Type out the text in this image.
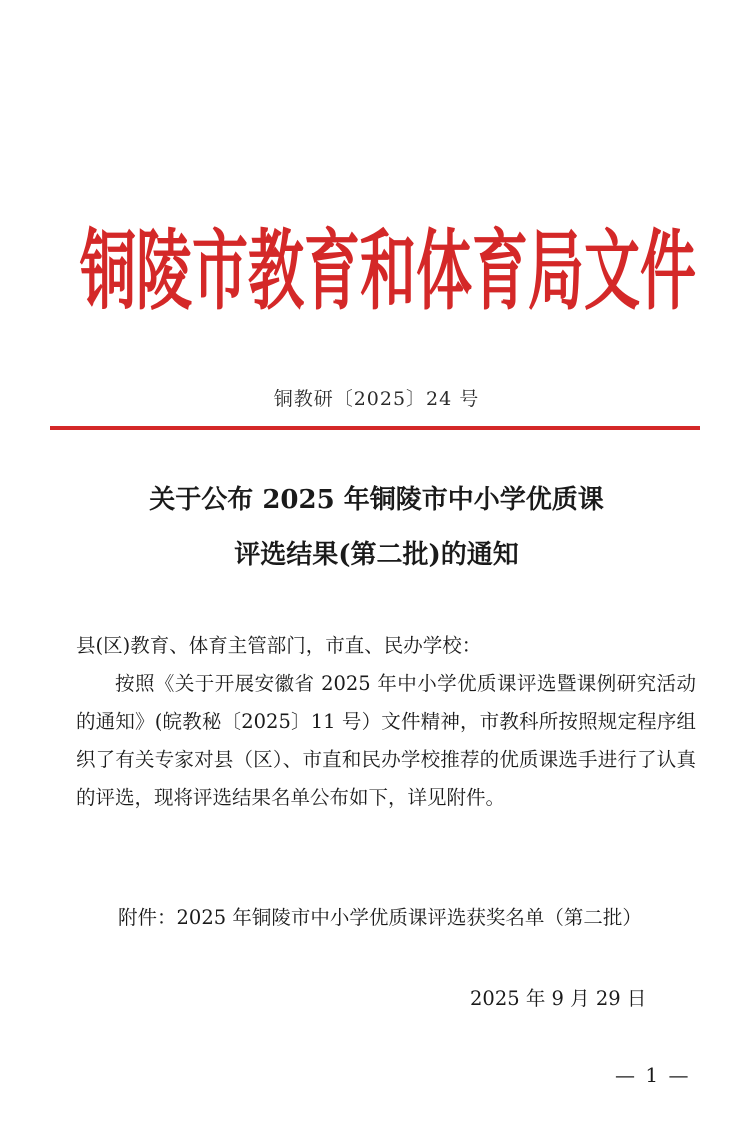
铜 陵 市 教 育 和 体 育 局 文 件
铜教研〔2025〕24 号
关于公布 2025 年铜陵市中小学优质课
评选结果(第二批)的通知
县(区)教育、体育主管部门，市直、民办学校：
按照《关于开展安徽省 2025 年中小学优质课评选暨课例研究活动的通知》(皖教秘〔2025〕11 号）文件精神，市教科所按照规定程序组织了有关专家对县（区）、市直和民办学校推荐的优质课选手进行了认真的评选，现将评选结果名单公布如下，详见附件。
附件：2025 年铜陵市中小学优质课评选获奖名单（第二批）
2025 年 9 月 29 日
— 1 —
